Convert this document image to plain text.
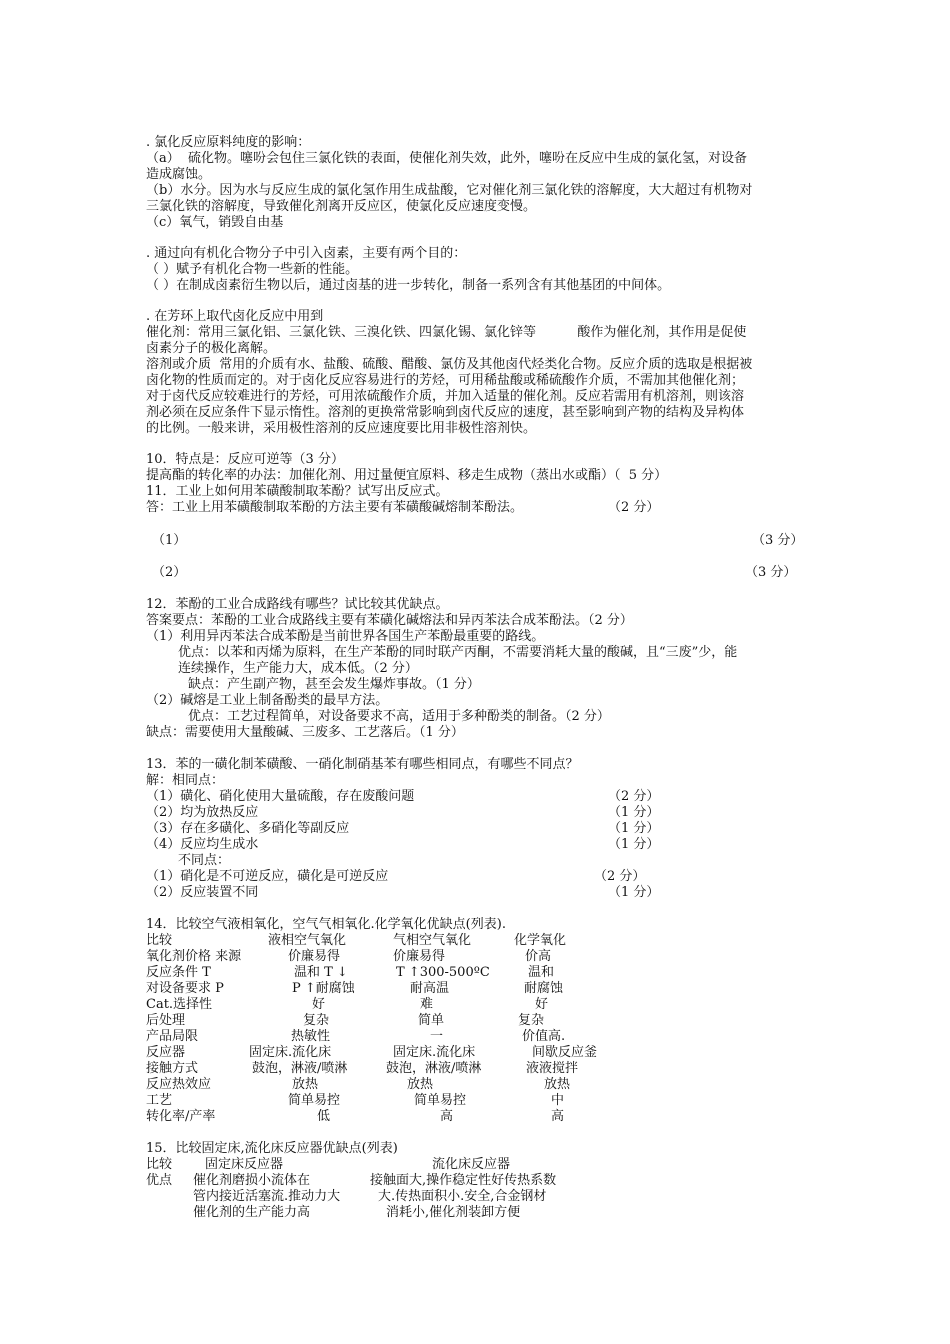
. 氯化反应原料纯度的影响：
（a）  硫化物。噻吩会包住三氯化铁的表面，使催化剂失效，此外，噻吩在反应中生成的氯化氢，对设备
造成腐蚀。
（b）水分。因为水与反应生成的氯化氢作用生成盐酸，它对催化剂三氯化铁的溶解度，大大超过有机物对
三氯化铁的溶解度，导致催化剂离开反应区，使氯化反应速度变慢。
（c）氧气，销毁自由基
. 通过向有机化合物分子中引入卤素，主要有两个目的：
（ ）赋予有机化合物一些新的性能。
（ ）在制成卤素衍生物以后，通过卤基的进一步转化，制备一系列含有其他基团的中间体。
. 在芳环上取代卤化反应中用到
催化剂：常用三氯化铝、三氯化铁、三溴化铁、四氯化锡、氯化锌等          酸作为催化剂，其作用是促使
卤素分子的极化离解。
溶剂或介质  常用的介质有水、盐酸、硫酸、醋酸、氯仿及其他卤代烃类化合物。反应介质的选取是根据被
卤化物的性质而定的。对于卤化反应容易进行的芳烃，可用稀盐酸或稀硫酸作介质，不需加其他催化剂；
对于卤代反应较难进行的芳烃，可用浓硫酸作介质，并加入适量的催化剂。反应若需用有机溶剂，则该溶
剂必须在反应条件下显示惰性。溶剂的更换常常影响到卤代反应的速度，甚至影响到产物的结构及异构体
的比例。一般来讲，采用极性溶剂的反应速度要比用非极性溶剂快。
10．特点是：反应可逆等（3 分）
提高酯的转化率的办法：加催化剂、用过量便宜原料、移走生成物（蒸出水或酯）（  5 分）
11．工业上如何用苯磺酸制取苯酚？试写出反应式。
答：工业上用苯磺酸制取苯酚的方法主要有苯磺酸碱熔制苯酚法。	（2 分）
（1）	（3 分）
（2）	（3 分）
12．苯酚的工业合成路线有哪些？试比较其优缺点。
答案要点：苯酚的工业合成路线主要有苯磺化碱熔法和异丙苯法合成苯酚法。（2 分）
（1）利用异丙苯法合成苯酚是当前世界各国生产苯酚最重要的路线。
优点：以苯和丙烯为原料，在生产苯酚的同时联产丙酮，不需要消耗大量的酸碱，且“三废”少，能
连续操作，生产能力大，成本低。（2 分）
缺点：产生副产物，甚至会发生爆炸事故。（1 分）
（2）碱熔是工业上制备酚类的最早方法。
优点：工艺过程简单，对设备要求不高，适用于多种酚类的制备。（2 分）
缺点：需要使用大量酸碱、三废多、工艺落后。（1 分）
13．苯的一磺化制苯磺酸、一硝化制硝基苯有哪些相同点，有哪些不同点？
解：相同点：
（1）磺化、硝化使用大量硫酸，存在废酸问题	（2 分）
（2）均为放热反应	（1 分）
（3）存在多磺化、多硝化等副反应	（1 分）
（4）反应均生成水	（1 分）
不同点：
（1）硝化是不可逆反应，磺化是可逆反应	（2 分）
（2）反应装置不同	（1 分）
14．比较空气液相氧化，空气气相氧化.化学氧化优缺点(列表).
比较	液相空气氧化	气相空气氧化	化学氧化
氧化剂价格 来源	价廉易得	价廉易得	价高
反应条件 T	温和 T ↓	T ↑300-500ºC	温和
对设备要求 P	P ↑耐腐蚀	耐高温	耐腐蚀
Cat.选择性	好	难	好
后处理	复杂	简单	复杂
产品局限	热敏性	一	价值高.
反应器	固定床.流化床	固定床.流化床	间歇反应釜
接触方式	鼓泡，淋液/喷淋	鼓泡，淋液/喷淋	液液搅拌
反应热效应	放热	放热	放热
工艺	简单易控	简单易控	中
转化率/产率	低	高	高
15．比较固定床,流化床反应器优缺点(列表)
比较	固定床反应器	流化床反应器
优点 催化剂磨损小流体在	接触面大,操作稳定性好传热系数
管内接近活塞流.推动力大	大.传热面积小.安全,合金钢材
催化剂的生产能力高	消耗小,催化剂装卸方便
